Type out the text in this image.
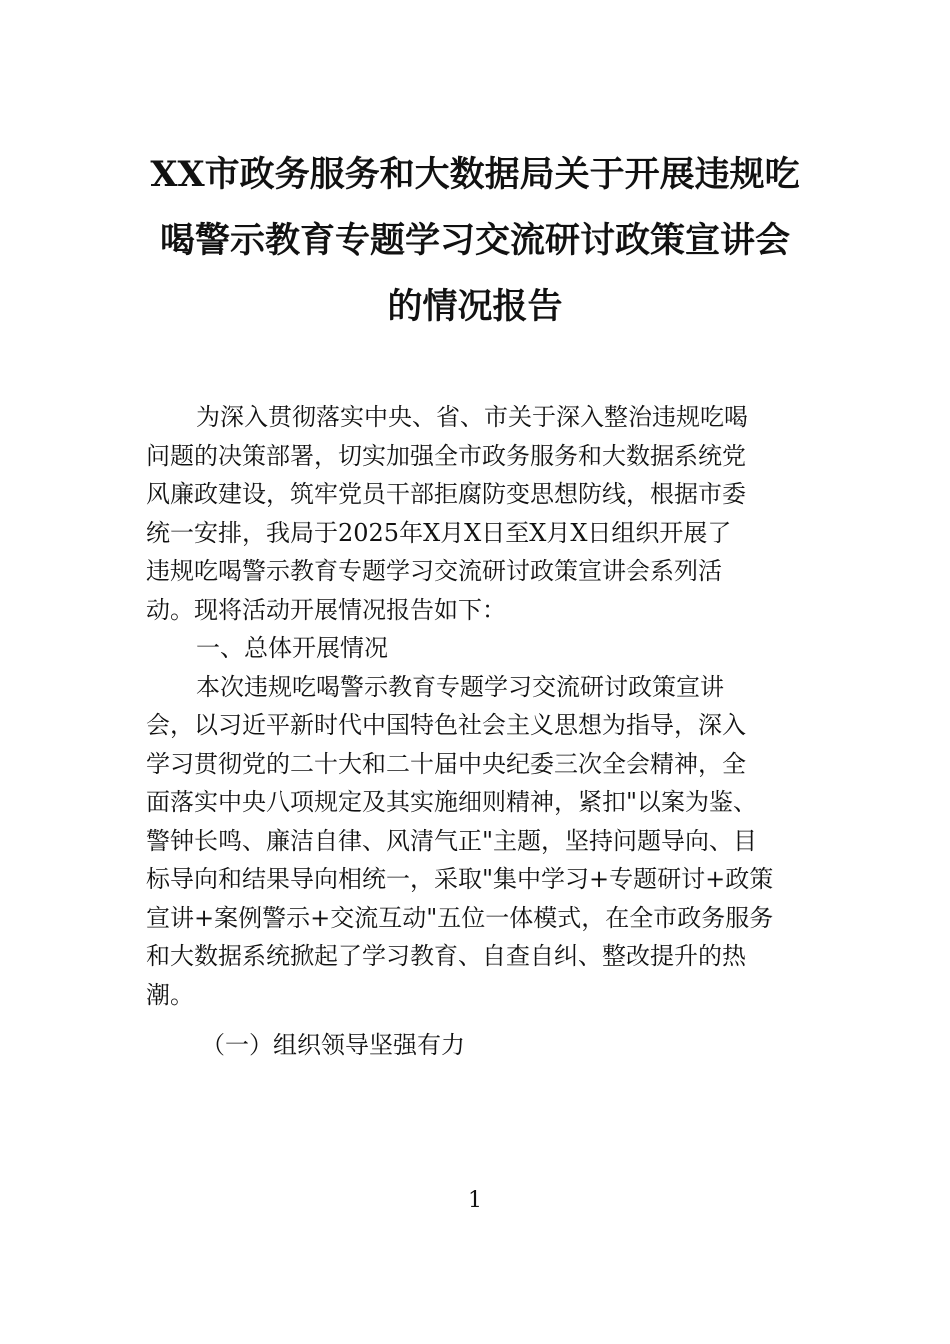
XX市政务服务和大数据局关于开展违规吃
喝警示教育专题学习交流研讨政策宣讲会
的情况报告
为深入贯彻落实中央、省、市关于深入整治违规吃喝
问题的决策部署，切实加强全市政务服务和大数据系统党
风廉政建设，筑牢党员干部拒腐防变思想防线，根据市委
统一安排，我局于2025年X月X日至X月X日组织开展了
违规吃喝警示教育专题学习交流研讨政策宣讲会系列活
动。现将活动开展情况报告如下：
一、总体开展情况
本次违规吃喝警示教育专题学习交流研讨政策宣讲
会，以习近平新时代中国特色社会主义思想为指导，深入
学习贯彻党的二十大和二十届中央纪委三次全会精神，全
面落实中央八项规定及其实施细则精神，紧扣"以案为鉴、
警钟长鸣、廉洁自律、风清气正"主题，坚持问题导向、目
标导向和结果导向相统一，采取"集中学习+专题研讨+政策
宣讲+案例警示+交流互动"五位一体模式，在全市政务服务
和大数据系统掀起了学习教育、自查自纠、整改提升的热
潮。
（一）组织领导坚强有力
1
